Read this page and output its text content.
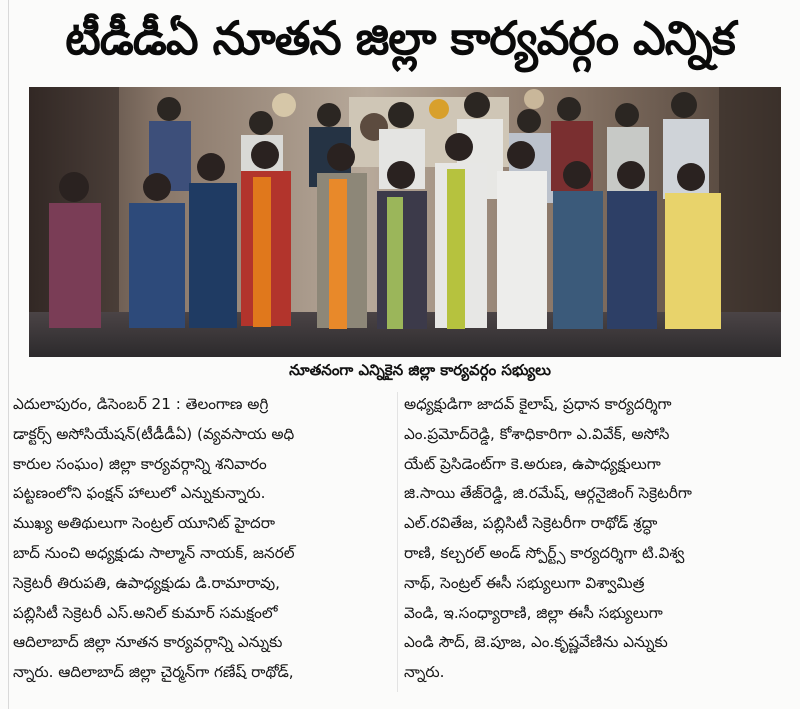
టీడీడీఏ నూతన జిల్లా కార్యవర్గం ఎన్నిక
నూతనంగా ఎన్నికైన జిల్లా కార్యవర్గం సభ్యులు
ఎదులాపురం, డిసెంబర్ 21 : తెలంగాణ అగ్రి
డాక్టర్స్ అసోసియేషన్(టీడీడీఏ) (వ్యవసాయ అధి
కారుల సంఘం) జిల్లా కార్యవర్గాన్ని శనివారం
పట్టణంలోని ఫంక్షన్ హాలులో ఎన్నుకున్నారు.
ముఖ్య అతిథులుగా సెంట్రల్ యూనిట్ హైదరా
బాద్ నుంచి అధ్యక్షుడు సాల్మాన్ నాయక్, జనరల్
సెక్రెటరీ తిరుపతి, ఉపాధ్యక్షుడు డి.రామారావు,
పబ్లిసిటీ సెక్రెటరీ ఎస్.అనిల్ కుమార్ సమక్షంలో
ఆదిలాబాద్ జిల్లా నూతన కార్యవర్గాన్ని ఎన్నుకు
న్నారు. ఆదిలాబాద్ జిల్లా చైర్మన్‌గా గణేష్ రాథోడ్,
అధ్యక్షుడిగా జాదవ్ కైలాష్, ప్రధాన కార్యదర్శిగా
ఎం.ప్రమోద్‌రెడ్డి, కోశాధికారిగా ఎ.వివేక్, అసోసి
యేట్ ప్రెసిడెంట్‌గా కె.అరుణ, ఉపాధ్యక్షులుగా
జి.సాయి తేజ్‌రెడ్డి, జి.రమేష్, ఆర్గనైజింగ్ సెక్రెటరీగా
ఎల్.రవితేజ, పబ్లిసిటీ సెక్రెటరీగా రాథోడ్ శ్రద్ధా
రాణి, కల్చరల్ అండ్ స్పోర్ట్స్ కార్యదర్శిగా టి.విశ్వ
నాథ్, సెంట్రల్ ఈసీ సభ్యులుగా విశ్వామిత్ర
వెండి, ఇ.సంధ్యారాణి, జిల్లా ఈసీ సభ్యులుగా
ఎండి సౌద్, జె.పూజ, ఎం.కృష్ణవేణిను ఎన్నుకు
న్నారు.
